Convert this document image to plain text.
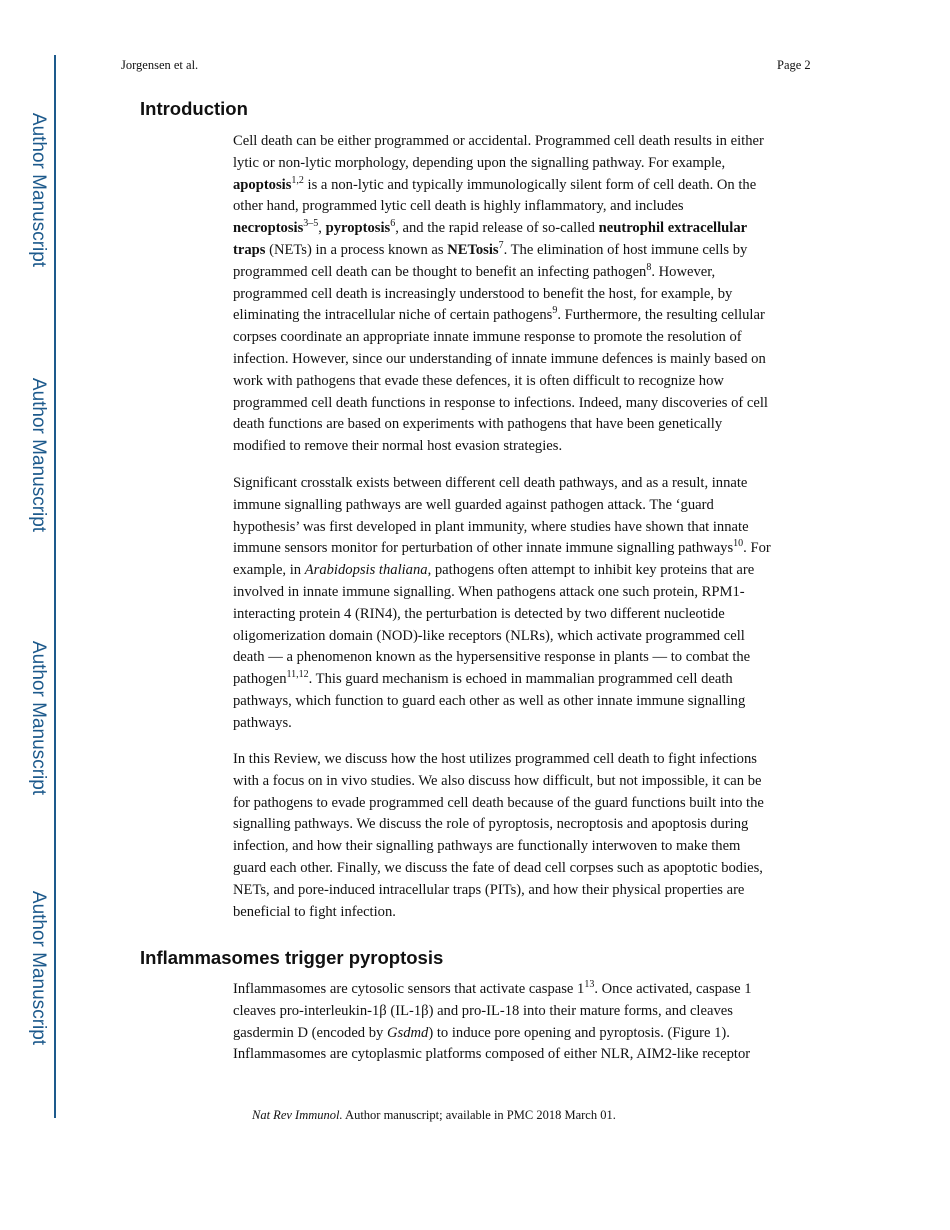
Author Manuscript
Author Manuscript
Author Manuscript
Author Manuscript
Jorgensen et al.	Page 2
Introduction
Cell death can be either programmed or accidental. Programmed cell death results in either
lytic or non-lytic morphology, depending upon the signalling pathway. For example,
apoptosis$^{1,2}$ is a non-lytic and typically immunologically silent form of cell death. On the
other hand, programmed lytic cell death is highly inflammatory, and includes
necroptosis$^{3-5}$, pyroptosis$^6$, and the rapid release of so-called neutrophil extracellular
traps (NETs) in a process known as NETosis$^7$. The elimination of host immune cells by
programmed cell death can be thought to benefit an infecting pathogen$^8$. However,
programmed cell death is increasingly understood to benefit the host, for example, by
eliminating the intracellular niche of certain pathogens$^9$. Furthermore, the resulting cellular
corpses coordinate an appropriate innate immune response to promote the resolution of
infection. However, since our understanding of innate immune defences is mainly based on
work with pathogens that evade these defences, it is often difficult to recognize how
programmed cell death functions in response to infections. Indeed, many discoveries of cell
death functions are based on experiments with pathogens that have been genetically
modified to remove their normal host evasion strategies.
Significant crosstalk exists between different cell death pathways, and as a result, innate
immune signalling pathways are well guarded against pathogen attack. The ‘guard
hypothesis’ was first developed in plant immunity, where studies have shown that innate
immune sensors monitor for perturbation of other innate immune signalling pathways$^{10}$. For
example, in Arabidopsis thaliana, pathogens often attempt to inhibit key proteins that are
involved in innate immune signalling. When pathogens attack one such protein, RPM1-
interacting protein 4 (RIN4), the perturbation is detected by two different nucleotide
oligomerization domain (NOD)-like receptors (NLRs), which activate programmed cell
death — a phenomenon known as the hypersensitive response in plants — to combat the
pathogen$^{11,12}$. This guard mechanism is echoed in mammalian programmed cell death
pathways, which function to guard each other as well as other innate immune signalling
pathways.
In this Review, we discuss how the host utilizes programmed cell death to fight infections
with a focus on in vivo studies. We also discuss how difficult, but not impossible, it can be
for pathogens to evade programmed cell death because of the guard functions built into the
signalling pathways. We discuss the role of pyroptosis, necroptosis and apoptosis during
infection, and how their signalling pathways are functionally interwoven to make them
guard each other. Finally, we discuss the fate of dead cell corpses such as apoptotic bodies,
NETs, and pore-induced intracellular traps (PITs), and how their physical properties are
beneficial to fight infection.
Inflammasomes trigger pyroptosis
Inflammasomes are cytosolic sensors that activate caspase $1^{13}$. Once activated, caspase 1
cleaves pro-interleukin-1β (IL-1β) and pro-IL-18 into their mature forms, and cleaves
gasdermin D (encoded by Gsdmd) to induce pore opening and pyroptosis. (Figure 1).
Inflammasomes are cytoplasmic platforms composed of either NLR, AIM2-like receptor
Nat Rev Immunol. Author manuscript; available in PMC 2018 March 01.
